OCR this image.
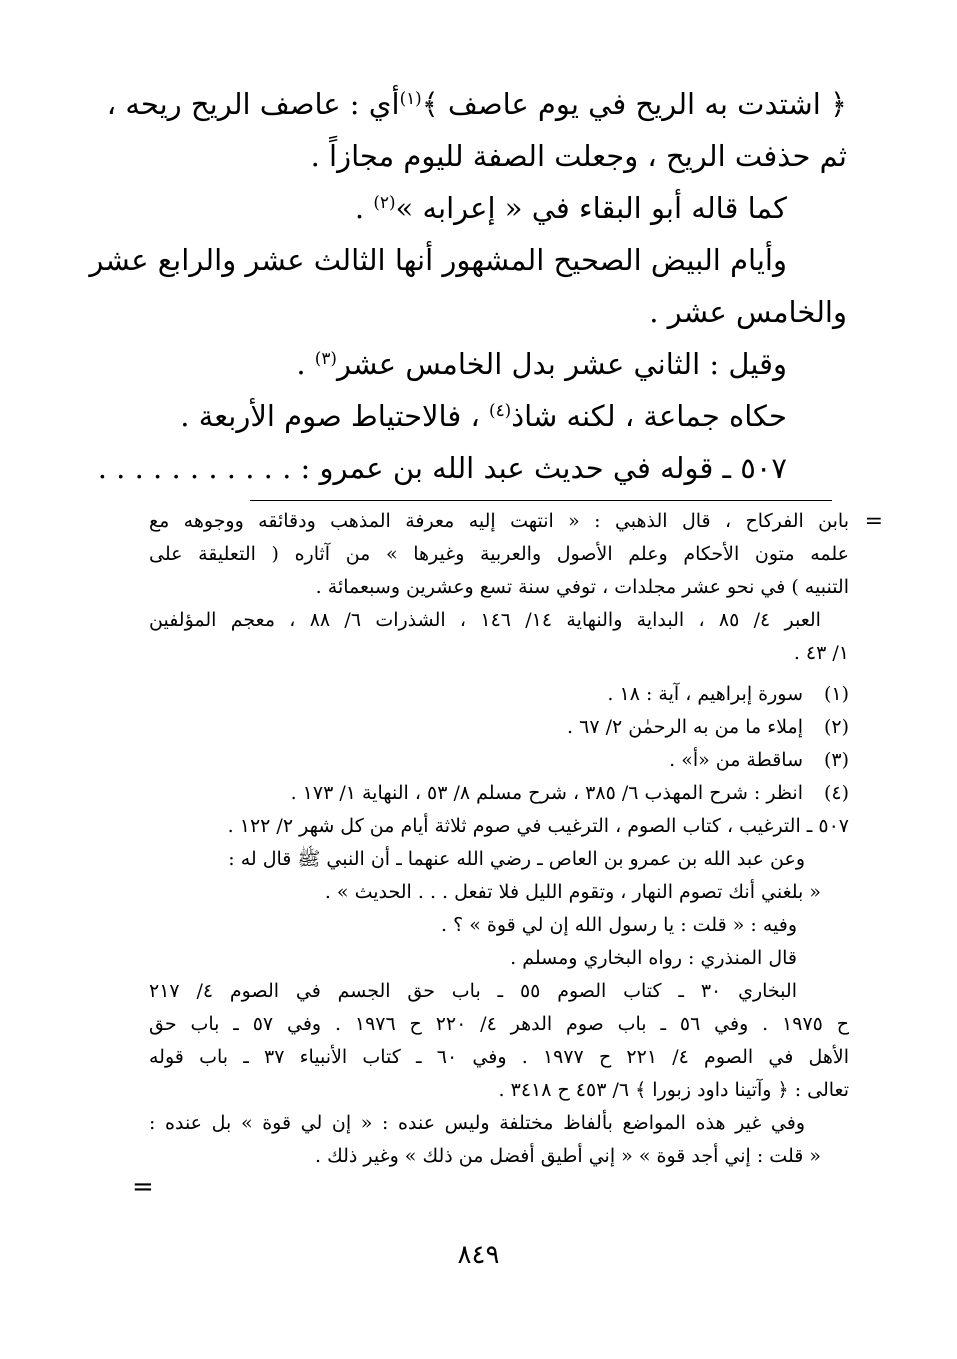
﴿ اشتدت به الريح في يوم عاصف ﴾$^{(١)}$أي : عاصف الريح ريحه ،
ثم حذفت الريح ، وجعلت الصفة لليوم مجازاً .
كما قاله أبو البقاء في « إعرابه »$^{(٢)}$ .
وأيام البيض الصحيح المشهور أنها الثالث عشر والرابع عشر
والخامس عشر .
وقيل : الثاني عشر بدل الخامس عشر$^{(٣)}$ .
حكاه جماعة ، لكنه شاذ$^{(٤)}$ ، فالاحتياط صوم الأربعة .
٥٠٧ ـ قوله في حديث عبد الله بن عمرو : . . . . . . . . . . .
=
بابن الفركاح ، قال الذهبي : « انتهت إليه معرفة المذهب ودقائقه ووجوهه مع
علمه متون الأحكام وعلم الأصول والعربية وغيرها » من آثاره ( التعليقة على
التنبيه ) في نحو عشر مجلدات ، توفي سنة تسع وعشرين وسبعمائة .
العبر ٤/ ٨٥ ، البداية والنهاية ١٤/ ١٤٦ ، الشذرات ٦/ ٨٨ ، معجم المؤلفين
١/ ٤٣ .
(١)سورة إبراهيم ، آية : ١٨ .
(٢)إملاء ما من به الرحمٰن ٢/ ٦٧ .
(٣)ساقطة من «أ» .
(٤)انظر : شرح المهذب ٦/ ٣٨٥ ، شرح مسلم ٨/ ٥٣ ، النهاية ١/ ١٧٣ .
٥٠٧ ـ الترغيب ، كتاب الصوم ، الترغيب في صوم ثلاثة أيام من كل شهر ٢/ ١٢٢ .
وعن عبد الله بن عمرو بن العاص ـ رضي الله عنهما ـ أن النبي ﷺ قال له :
« بلغني أنك تصوم النهار ، وتقوم الليل فلا تفعل . . . الحديث » .
وفيه : « قلت : يا رسول الله إن لي قوة » ؟ .
قال المنذري : رواه البخاري ومسلم .
البخاري ٣٠ ـ كتاب الصوم ٥٥ ـ باب حق الجسم في الصوم ٤/ ٢١٧
ح ١٩٧٥ . وفي ٥٦ ـ باب صوم الدهر ٤/ ٢٢٠ ح ١٩٧٦ . وفي ٥٧ ـ باب حق
الأهل في الصوم ٤/ ٢٢١ ح ١٩٧٧ . وفي ٦٠ ـ كتاب الأنبياء ٣٧ ـ باب قوله
تعالى : ﴿ وآتينا داود زبورا ﴾ ٦/ ٤٥٣ ح ٣٤١٨ .
وفي غير هذه المواضع بألفاظ مختلفة وليس عنده : « إن لي قوة » بل عنده :
« قلت : إني أجد قوة » « إني أطيق أفضل من ذلك » وغير ذلك .
=
٨٤٩
